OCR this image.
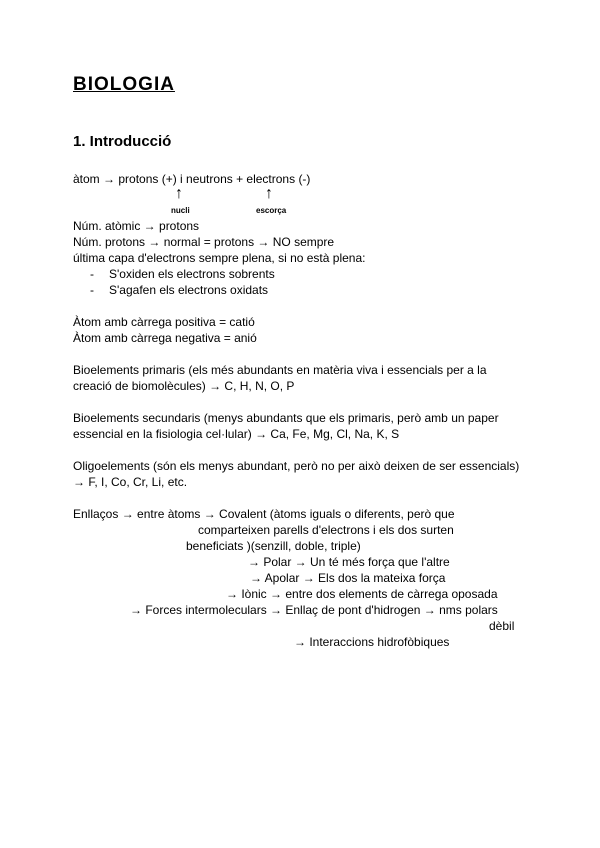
BIOLOGIA
1. Introducció
àtom → protons (+) i neutrons + electrons (-)
↑	↑
nucli	escorça
Núm. atòmic → protons
Núm. protons → normal = protons → NO sempre
última capa d'electrons sempre plena, si no està plena:
- S'oxiden els electrons sobrents
- S'agafen els electrons oxidats
Àtom amb càrrega positiva = catió
Àtom amb càrrega negativa = anió
Bioelements primaris (els més abundants en matèria viva i essencials per a la
creació de biomolècules) → C, H, N, O, P
Bioelements secundaris (menys abundants que els primaris, però amb un paper
essencial en la fisiologia cel·lular) → Ca, Fe, Mg, Cl, Na, K, S
Oligoelements (són els menys abundant, però no per això deixen de ser essencials)
→ F, I, Co, Cr, Li, etc.
Enllaços → entre àtoms → Covalent (àtoms iguals o diferents, però que
comparteixen parells d'electrons i els dos surten
beneficiats )(senzill, doble, triple)
→ Polar → Un té més força que l'altre
→ Apolar → Els dos la mateixa força
→ Iònic → entre dos elements de càrrega oposada
→ Forces intermoleculars → Enllaç de pont d'hidrogen → nms polars
dèbil
→ Interaccions hidrofòbiques
